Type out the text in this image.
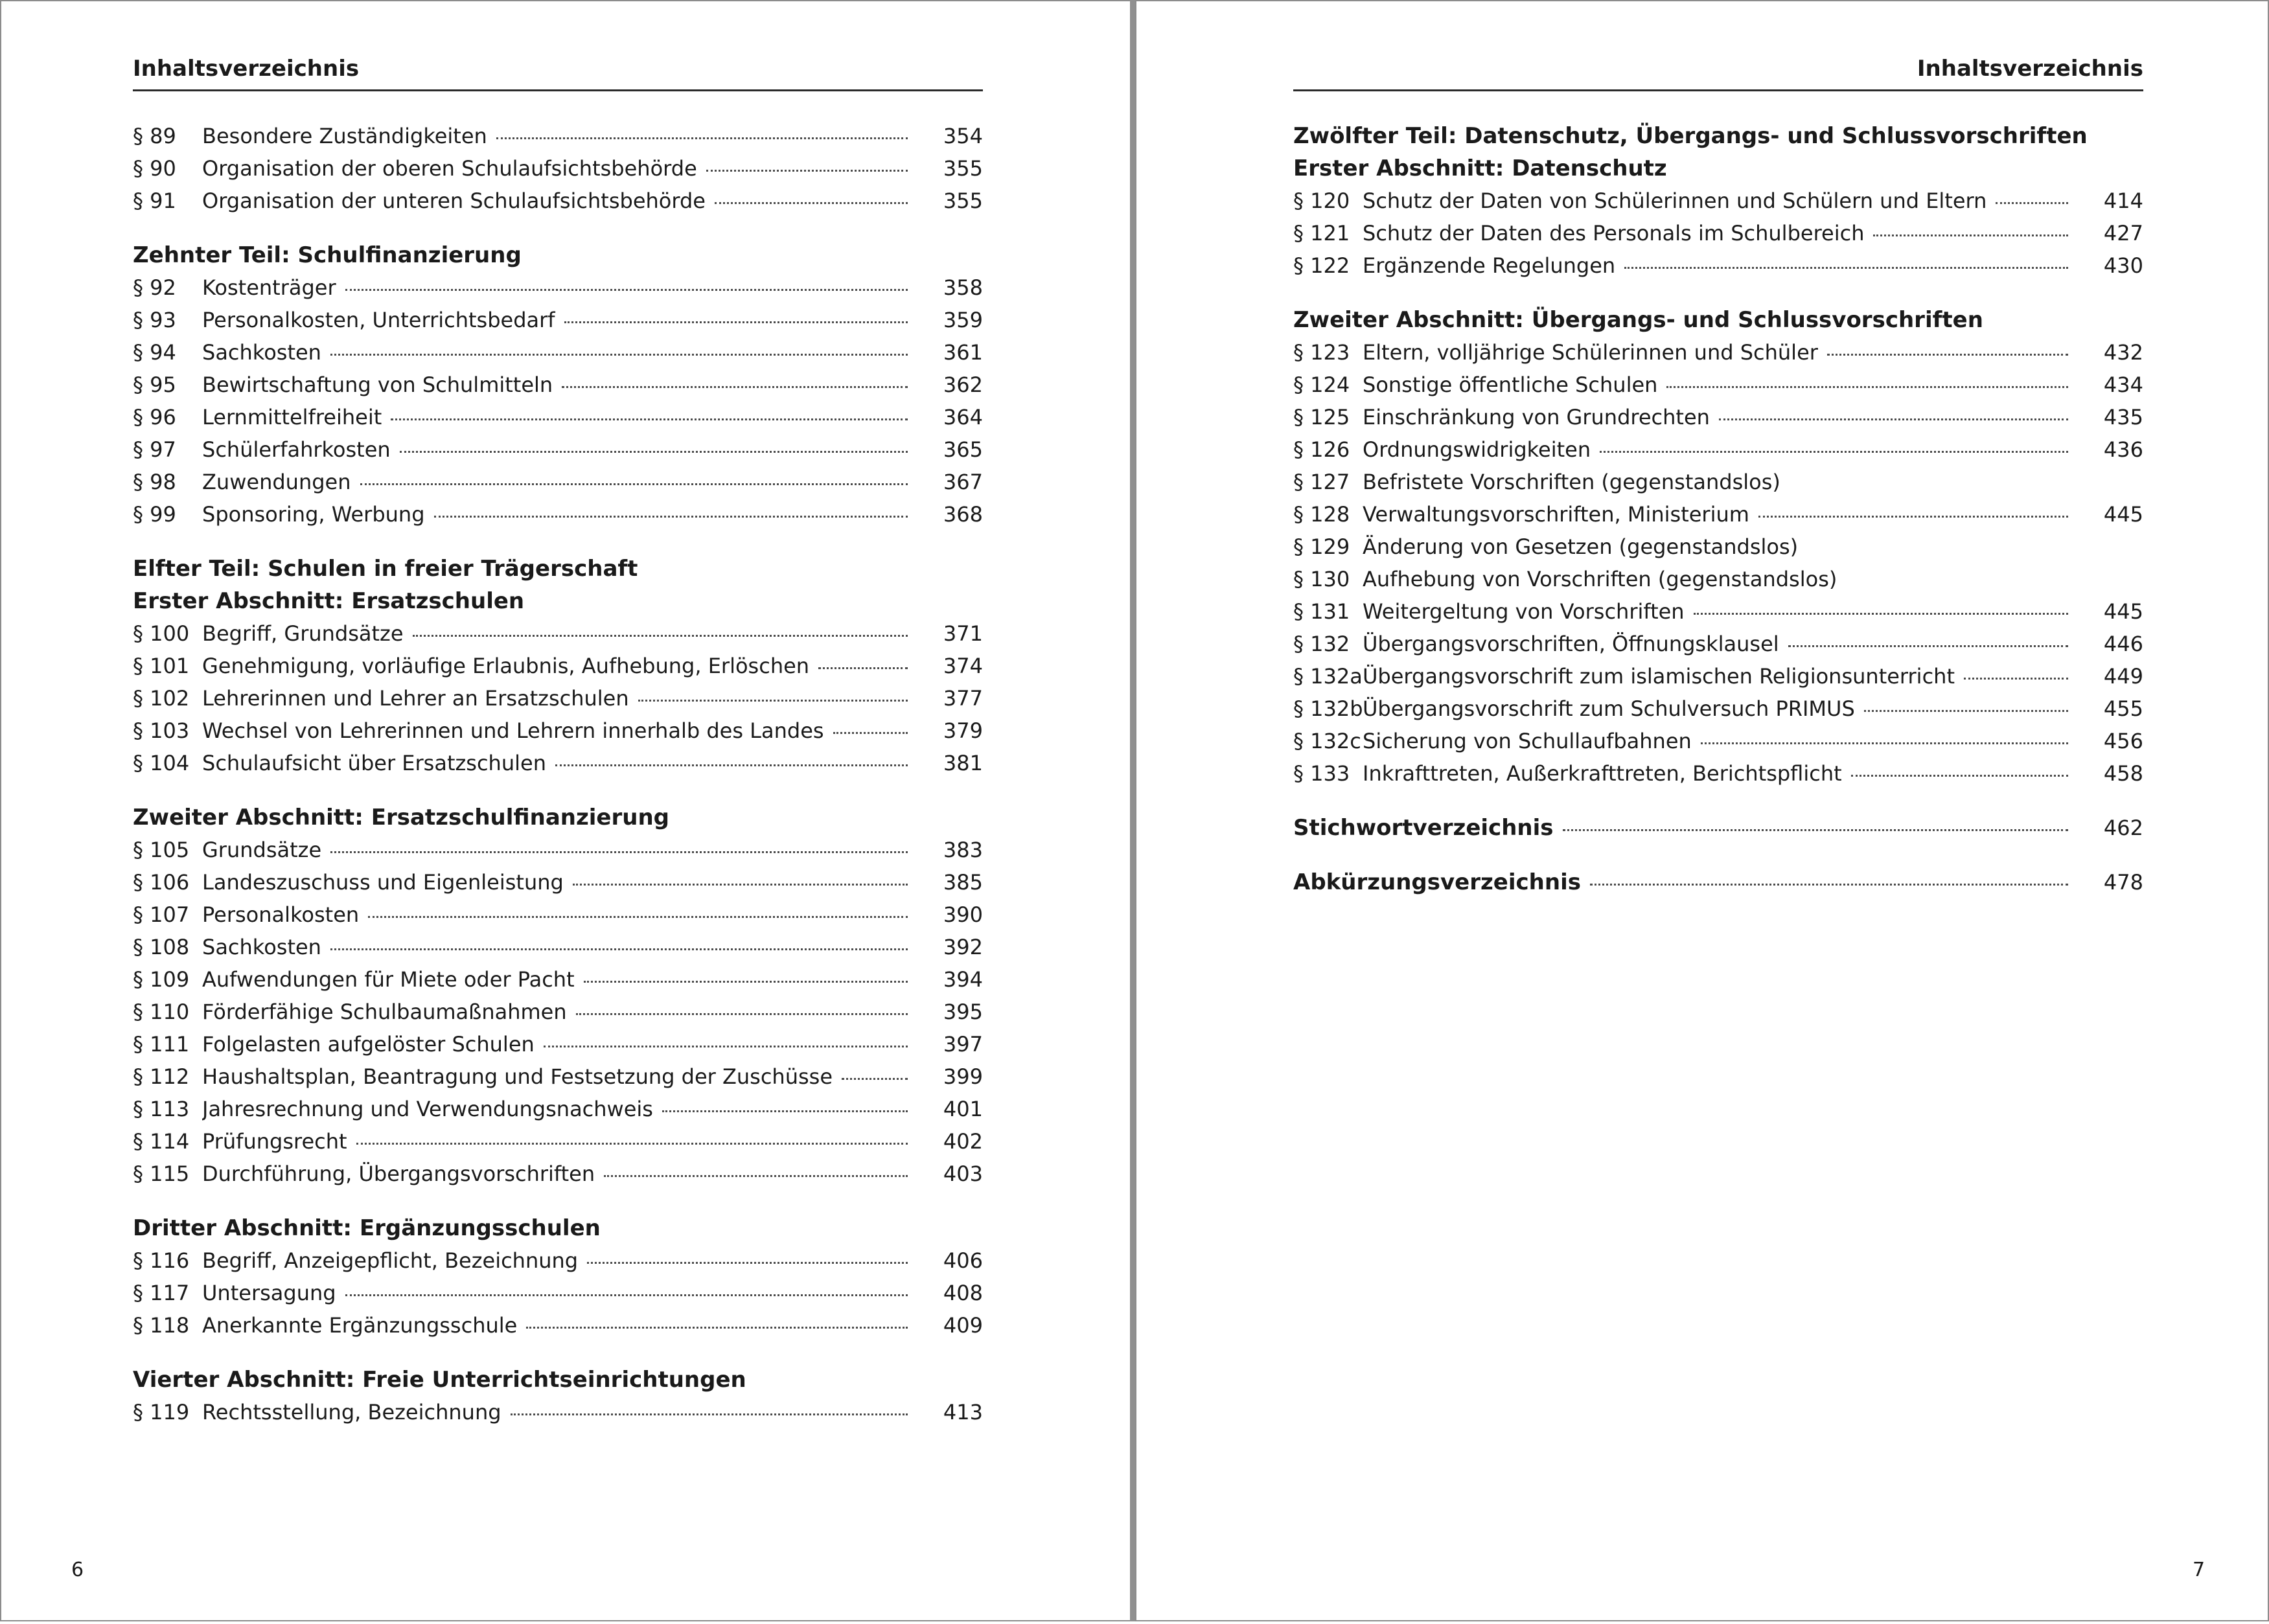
Inhaltsverzeichnis
§ 89	Besondere Zuständigkeiten	354
§ 90	Organisation der oberen Schulaufsichtsbehörde	355
§ 91	Organisation der unteren Schulaufsichtsbehörde	355
Zehnter Teil: Schulfinanzierung
§ 92	Kostenträger	358
§ 93	Personalkosten, Unterrichtsbedarf	359
§ 94	Sachkosten	361
§ 95	Bewirtschaftung von Schulmitteln	362
§ 96	Lernmittelfreiheit	364
§ 97	Schülerfahrkosten	365
§ 98	Zuwendungen	367
§ 99	Sponsoring, Werbung	368
Elfter Teil: Schulen in freier Trägerschaft
Erster Abschnitt: Ersatzschulen
§ 100 Begriff, Grundsätze	371
§ 101 Genehmigung, vorläufige Erlaubnis, Aufhebung, Erlöschen	374
§ 102 Lehrerinnen und Lehrer an Ersatzschulen	377
§ 103 Wechsel von Lehrerinnen und Lehrern innerhalb des Landes	379
§ 104 Schulaufsicht über Ersatzschulen	381
Zweiter Abschnitt: Ersatzschulfinanzierung
§ 105 Grundsätze	383
§ 106 Landeszuschuss und Eigenleistung	385
§ 107 Personalkosten	390
§ 108 Sachkosten	392
§ 109 Aufwendungen für Miete oder Pacht	394
§ 110 Förderfähige Schulbaumaßnahmen	395
§ 111 Folgelasten aufgelöster Schulen	397
§ 112 Haushaltsplan, Beantragung und Festsetzung der Zuschüsse	399
§ 113 Jahresrechnung und Verwendungsnachweis	401
§ 114 Prüfungsrecht	402
§ 115 Durchführung, Übergangsvorschriften	403
Dritter Abschnitt: Ergänzungsschulen
§ 116 Begriff, Anzeigepflicht, Bezeichnung	406
§ 117 Untersagung	408
§ 118 Anerkannte Ergänzungsschule	409
Vierter Abschnitt: Freie Unterrichtseinrichtungen
§ 119 Rechtsstellung, Bezeichnung	413
6
Inhaltsverzeichnis
Zwölfter Teil: Datenschutz, Übergangs- und Schlussvorschriften
Erster Abschnitt: Datenschutz
§ 120 Schutz der Daten von Schülerinnen und Schülern und Eltern	414
§ 121 Schutz der Daten des Personals im Schulbereich	427
§ 122 Ergänzende Regelungen	430
Zweiter Abschnitt: Übergangs- und Schlussvorschriften
§ 123 Eltern, volljährige Schülerinnen und Schüler	432
§ 124 Sonstige öffentliche Schulen	434
§ 125 Einschränkung von Grundrechten	435
§ 126 Ordnungswidrigkeiten	436
§ 127 Befristete Vorschriften (gegenstandslos)
§ 128 Verwaltungsvorschriften, Ministerium	445
§ 129 Änderung von Gesetzen (gegenstandslos)
§ 130 Aufhebung von Vorschriften (gegenstandslos)
§ 131 Weitergeltung von Vorschriften	445
§ 132 Übergangsvorschriften, Öffnungsklausel	446
§ 132a Übergangsvorschrift zum islamischen Religionsunterricht	449
§ 132b Übergangsvorschrift zum Schulversuch PRIMUS	455
§ 132c Sicherung von Schullaufbahnen	456
§ 133 Inkrafttreten, Außerkrafttreten, Berichtspflicht	458
Stichwortverzeichnis	462
Abkürzungsverzeichnis	478
7
